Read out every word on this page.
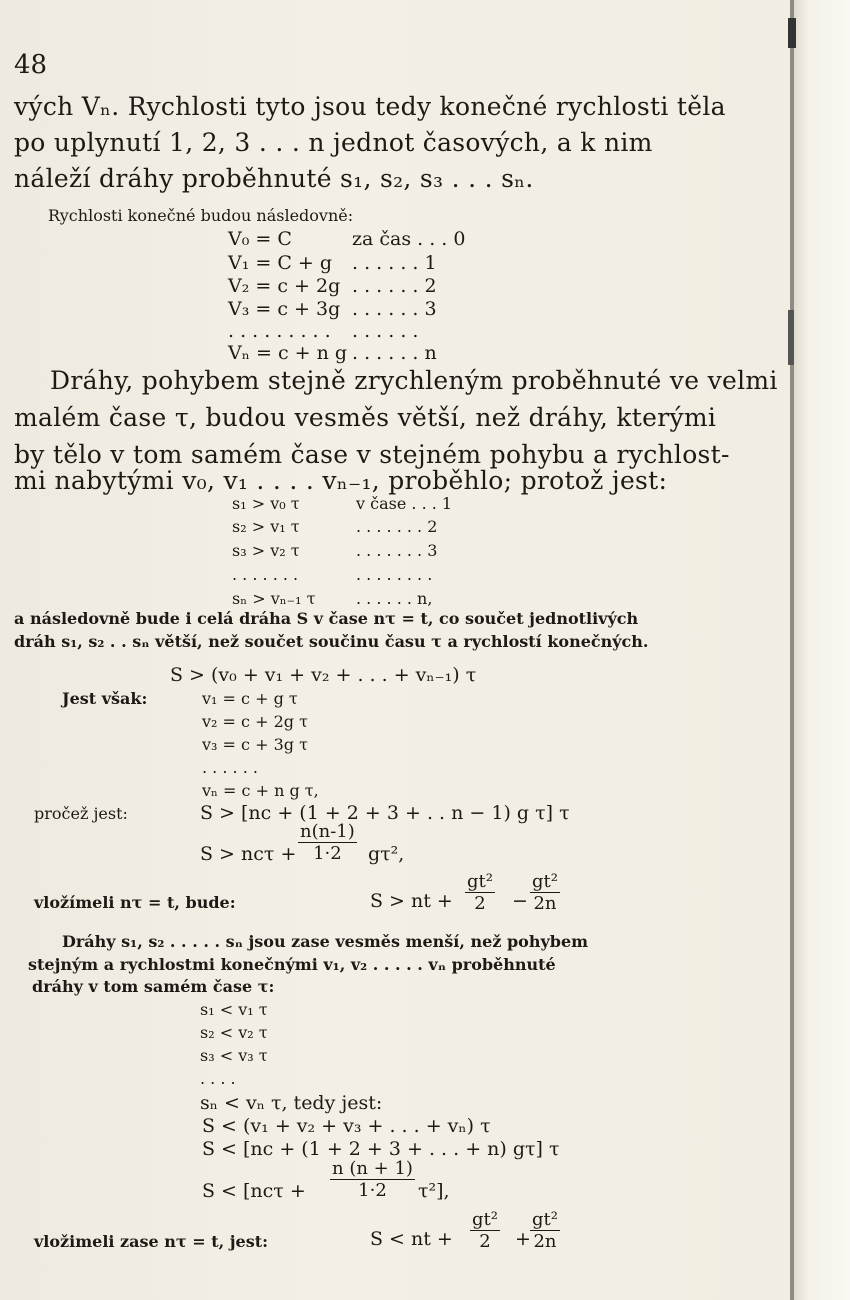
48
vých Vₙ. Rychlosti tyto jsou tedy konečné rychlosti těla
po uplynutí 1, 2, 3 . . . n jednot časových, a k nim
náleží dráhy proběhnuté s₁, s₂, s₃ . . . sₙ.
Rychlosti konečné budou následovně:
V₀ = C	za čas . . . 0
V₁ = C + g . . . . . . 1
V₂ = c + 2g . . . . . . 2
V₃ = c + 3g . . . . . . 3
. . . . . . . . . . . . . . .
Vₙ = c + n g . . . . . . n
Dráhy, pohybem stejně zrychleným proběhnuté ve velmi
malém čase τ, budou vesměs větší, než dráhy, kterými
by tělo v tom samém čase v stejném pohybu a rychlost-
mi nabytými v₀, v₁ . . . . vₙ₋₁, proběhlo; protož jest:
s₁ > v₀ τ	v čase . . . 1
s₂ > v₁ τ	. . . . . . . 2
s₃ > v₂ τ	. . . . . . . 3
. . . . . . .	. . . . . . . .
sₙ > vₙ₋₁ τ	. . . . . . n,
a následovně bude i celá dráha S v čase nτ = t, co součet jednotlivých
dráh s₁, s₂ . . sₙ větší, než součet součinu času τ a rychlostí konečných.
S > (v₀ + v₁ + v₂ + . . . + vₙ₋₁) τ
Jest však:	v₁ = c + g τ
v₂ = c + 2g τ
v₃ = c + 3g τ
. . . . . .
vₙ = c + n g τ,
pročež jest:	S > [nc + (1 + 2 + 3 + . . n − 1) g τ] τ
S > ncτ +
n(n-1)
1·2	gτ²,
vložímeli nτ = t, bude:	S > nt +
gt²
2	−
gt²
2n
Dráhy s₁, s₂ . . . . . sₙ jsou zase vesměs menší, než pohybem
stejným a rychlostmi konečnými v₁, v₂ . . . . . vₙ proběhnuté
dráhy v tom samém čase τ:
s₁ < v₁ τ
s₂ < v₂ τ
s₃ < v₃ τ
. . . .
sₙ < vₙ τ, tedy jest:
S < (v₁ + v₂ + v₃ + . . . + vₙ) τ
S < [nc + (1 + 2 + 3 + . . . + n) gτ] τ
S < [ncτ +
n (n + 1)
1·2	τ²],
vložimeli zase nτ = t, jest:	S < nt +
gt²
2	+
gt²
2n
